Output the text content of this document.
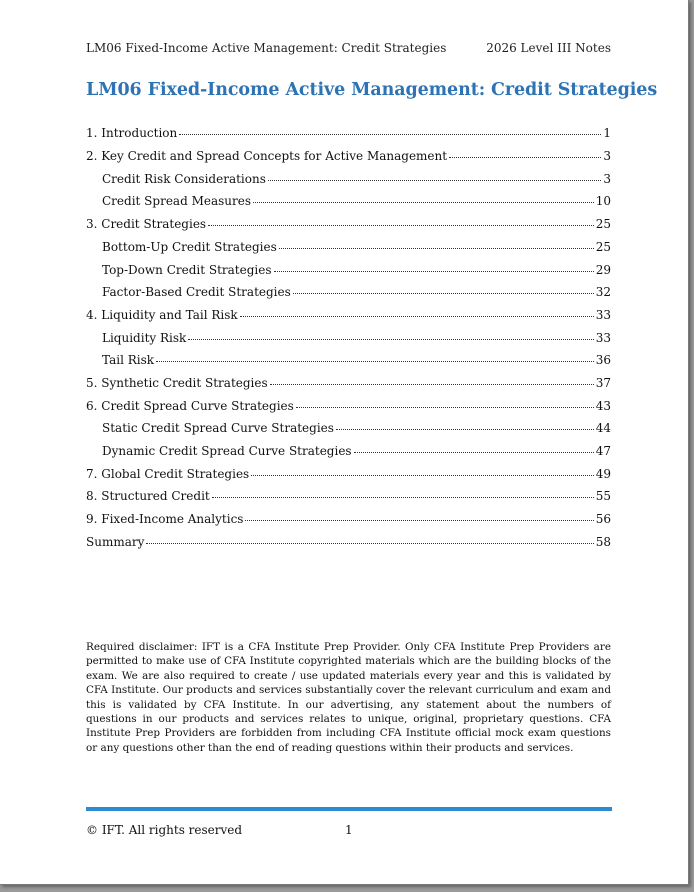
LM06 Fixed-Income Active Management: Credit Strategies	2026 Level III Notes
LM06 Fixed-Income Active Management: Credit Strategies
1. Introduction	1
2. Key Credit and Spread Concepts for Active Management	3
Credit Risk Considerations	3
Credit Spread Measures	10
3. Credit Strategies	25
Bottom-Up Credit Strategies	25
Top-Down Credit Strategies	29
Factor-Based Credit Strategies	32
4. Liquidity and Tail Risk	33
Liquidity Risk	33
Tail Risk	36
5. Synthetic Credit Strategies	37
6. Credit Spread Curve Strategies	43
Static Credit Spread Curve Strategies	44
Dynamic Credit Spread Curve Strategies	47
7. Global Credit Strategies	49
8. Structured Credit	55
9. Fixed-Income Analytics	56
Summary	58
Required disclaimer: IFT is a CFA Institute Prep Provider. Only CFA Institute Prep Providers are permitted to make use of CFA Institute copyrighted materials which are the building blocks of the exam. We are also required to create / use updated materials every year and this is validated by CFA Institute. Our products and services substantially cover the relevant curriculum and exam and this is validated by CFA Institute. In our advertising, any statement about the numbers of questions in our products and services relates to unique, original, proprietary questions. CFA Institute Prep Providers are forbidden from including CFA Institute official mock exam questions or any questions other than the end of reading questions within their products and services.
© IFT. All rights reserved	1
